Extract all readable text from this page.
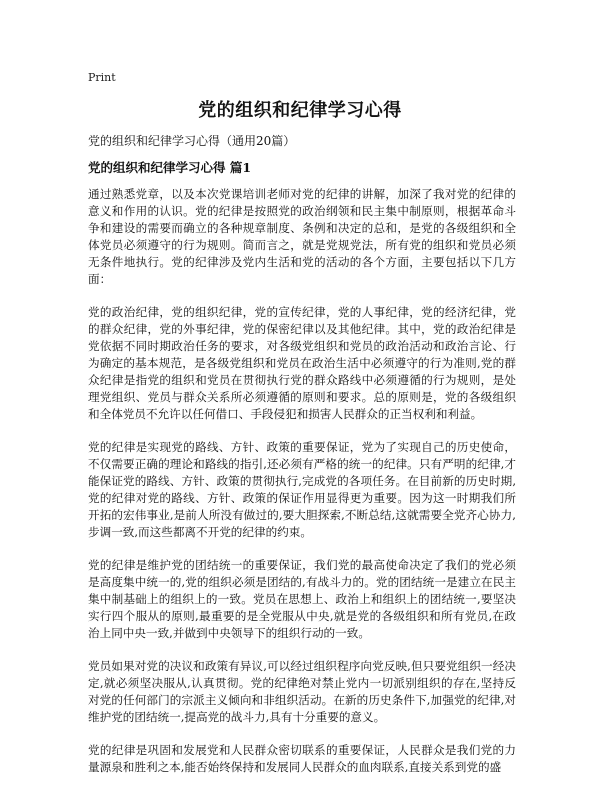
Print
党的组织和纪律学习心得

党的组织和纪律学习心得（通用20篇）

党的组织和纪律学习心得 篇1

通过熟悉党章，以及本次党课培训老师对党的纪律的讲解，加深了我对党的纪律的意义和作用的认识。党的纪律是按照党的政治纲领和民主集中制原则，根据革命斗争和建设的需要而确立的各种规章制度、条例和决定的总和，是党的各级组织和全体党员必须遵守的行为规则。简而言之，就是党规党法，所有党的组织和党员必须无条件地执行。党的纪律涉及党内生活和党的活动的各个方面，主要包括以下几方面：

党的政治纪律，党的组织纪律，党的宣传纪律，党的人事纪律，党的经济纪律，党的群众纪律，党的外事纪律，党的保密纪律以及其他纪律。其中，党的政治纪律是党依据不同时期政治任务的要求，对各级党组织和党员的政治活动和政治言论、行为确定的基本规范，是各级党组织和党员在政治生活中必须遵守的行为准则,党的群众纪律是指党的组织和党员在贯彻执行党的群众路线中必须遵循的行为规则，是处理党组织、党员与群众关系所必须遵循的原则和要求。总的原则是，党的各级组织和全体党员不允许以任何借口、手段侵犯和损害人民群众的正当权利和利益。

党的纪律是实现党的路线、方针、政策的重要保证，党为了实现自己的历史使命，不仅需要正确的理论和路线的指引,还必须有严格的统一的纪律。只有严明的纪律,才能保证党的路线、方针、政策的贯彻执行,完成党的各项任务。在目前新的历史时期,党的纪律对党的路线、方针、政策的保证作用显得更为重要。因为这一时期我们所开拓的宏伟事业,是前人所没有做过的,要大胆探索,不断总结,这就需要全党齐心协力,步调一致,而这些都离不开党的纪律的约束。

党的纪律是维护党的团结统一的重要保证，我们党的最高使命决定了我们的党必须是高度集中统一的,党的组织必须是团结的,有战斗力的。党的团结统一是建立在民主集中制基础上的组织上的一致。党员在思想上、政治上和组织上的团结统一,要坚决实行四个服从的原则,最重要的是全党服从中央,就是党的各级组织和所有党员,在政治上同中央一致,并做到中央领导下的组织行动的一致。

党员如果对党的决议和政策有异议,可以经过组织程序向党反映,但只要党组织一经决定,就必须坚决服从,认真贯彻。党的纪律绝对禁止党内一切派别组织的存在,坚持反对党的任何部门的宗派主义倾向和非组织活动。在新的历史条件下,加强党的纪律,对维护党的团结统一,提高党的战斗力,具有十分重要的意义。

党的纪律是巩固和发展党和人民群众密切联系的重要保证，人民群众是我们党的力量源泉和胜利之本,能否始终保持和发展同人民群众的血肉联系,直接关系到党的盛
